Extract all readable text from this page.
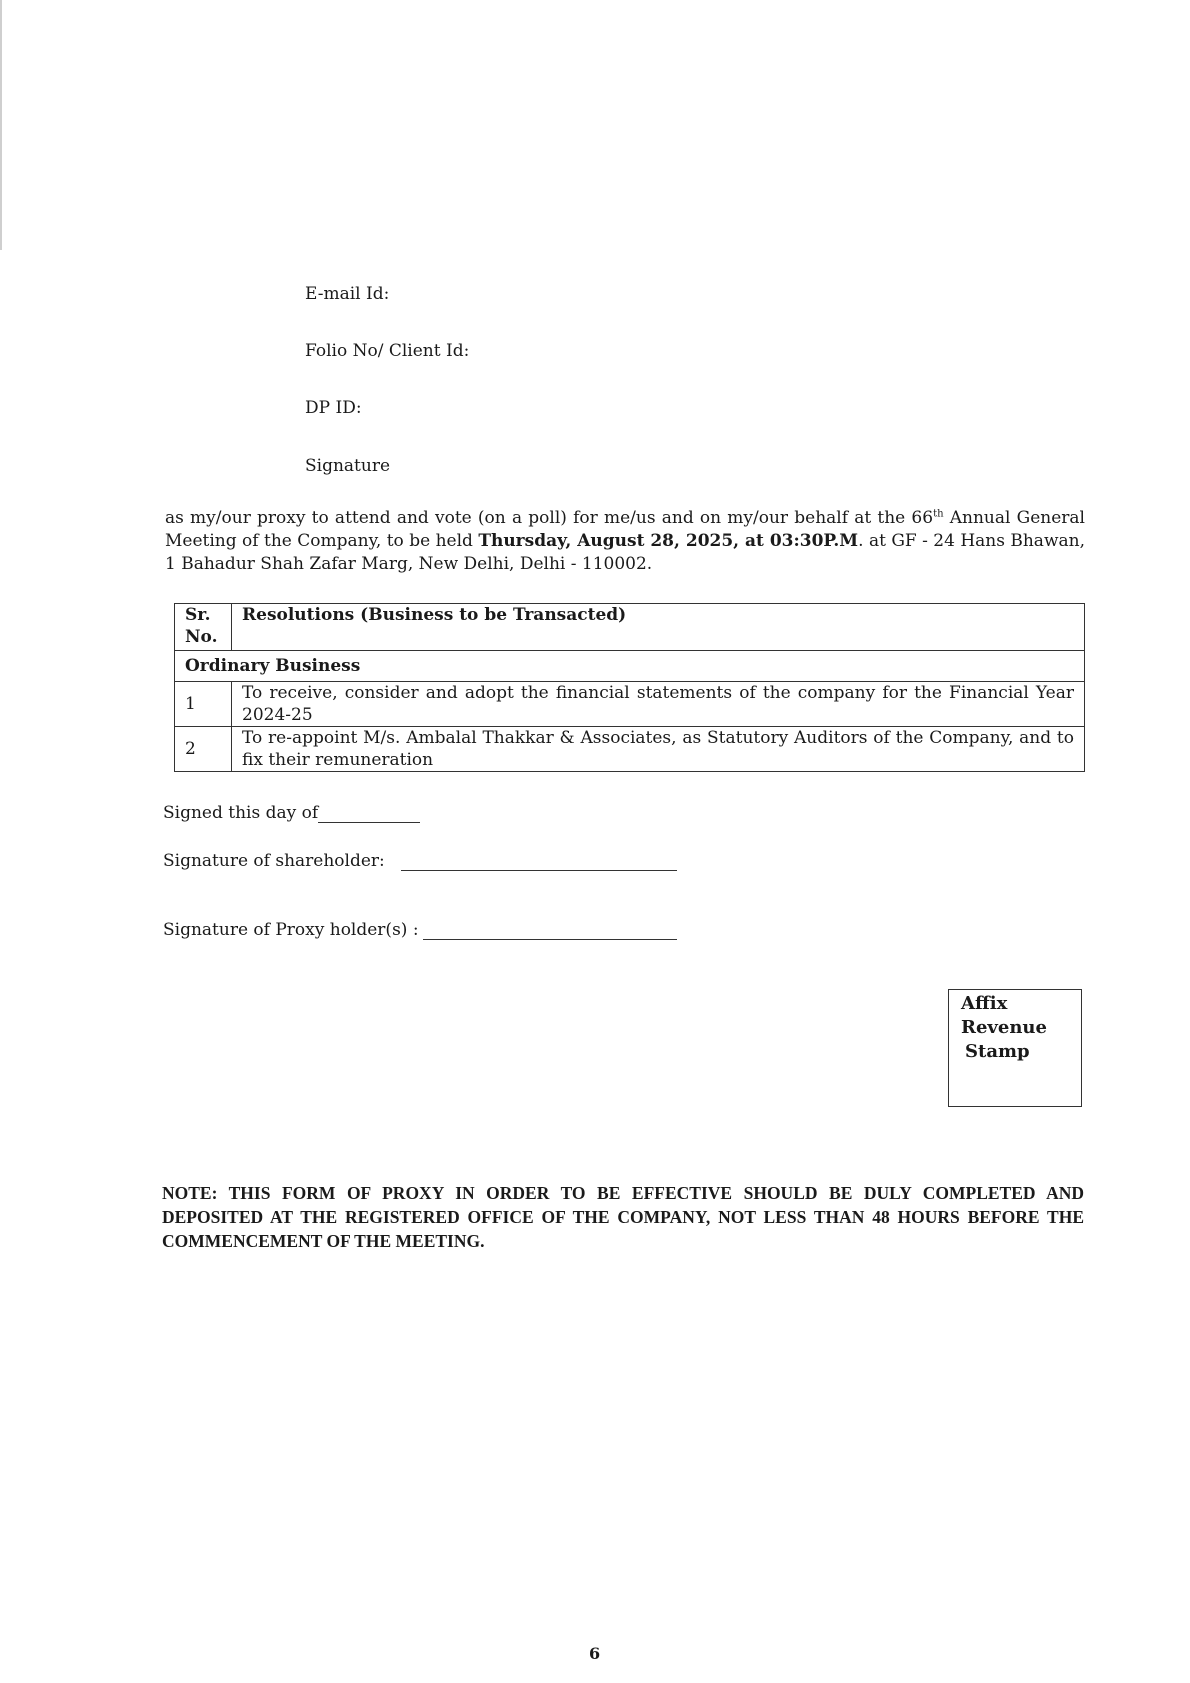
E-mail Id:
Folio No/ Client Id:
DP ID:
Signature
as my/our proxy to attend and vote (on a poll) for me/us and on my/our behalf at the 66th Annual General Meeting of the Company, to be held Thursday, August 28, 2025, at 03:30P.M. at GF - 24 Hans Bhawan, 1 Bahadur Shah Zafar Marg, New Delhi, Delhi - 110002.
Sr. No.	Resolutions (Business to be Transacted)
Ordinary Business	
1	To receive, consider and adopt the financial statements of the company for the Financial Year 2024-25
2	To re-appoint M/s. Ambalal Thakkar & Associates, as Statutory Auditors of the Company, and to fix their remuneration
Signed this day of
Signature of shareholder:
Signature of Proxy holder(s) :
Affix
Revenue
Stamp
NOTE: THIS FORM OF PROXY IN ORDER TO BE EFFECTIVE SHOULD BE DULY COMPLETED AND DEPOSITED AT THE REGISTERED OFFICE OF THE COMPANY, NOT LESS THAN 48 HOURS BEFORE THE COMMENCEMENT OF THE MEETING.
6
